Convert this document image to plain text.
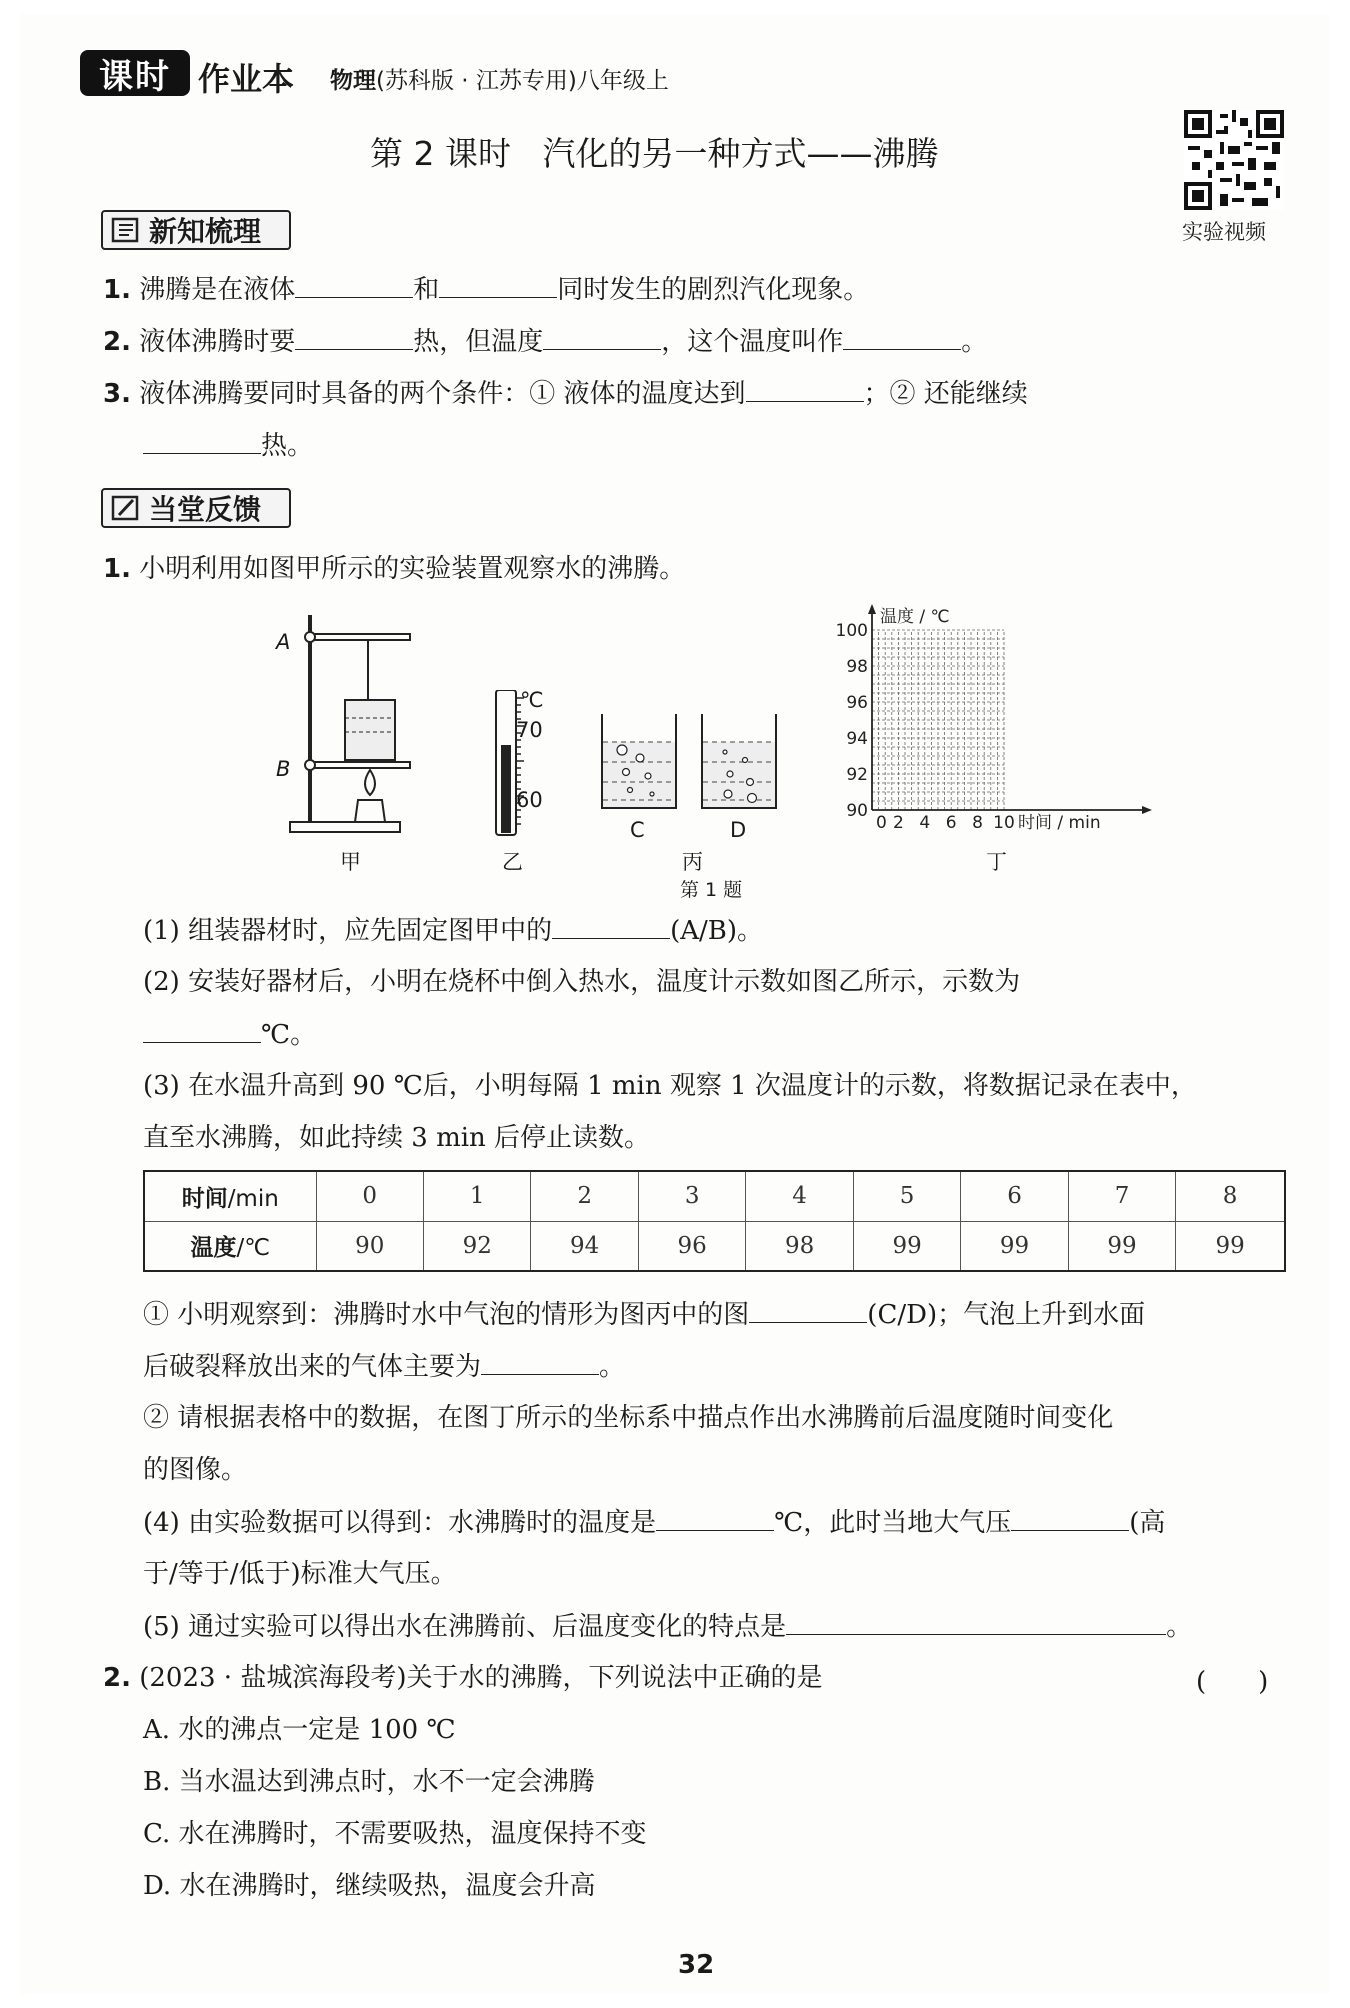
课时 作业本 物理(苏科版 · 江苏专用)八年级上
第 2 课时 汽化的另一种方式——沸腾
实验视频
新知梳理
1. 沸腾是在液体	和	同时发生的剧烈汽化现象。
2. 液体沸腾时要	热，但温度	，这个温度叫作	。
3. 液体沸腾要同时具备的两个条件：① 液体的温度达到	；② 还能继续
热。
当堂反馈
1. 小明利用如图甲所示的实验装置观察水的沸腾。
A
B
甲
℃
70
60
乙
C	D
丙
90
92
94
96
98
100
2 4 6 8 10
0
温度 / ℃
时间 / min
丁
第 1 题
(1) 组装器材时，应先固定图甲中的	(A/B)。
(2) 安装好器材后，小明在烧杯中倒入热水，温度计示数如图乙所示，示数为
℃。
(3) 在水温升高到 90 ℃后，小明每隔 1 min 观察 1 次温度计的示数，将数据记录在表中，
直至水沸腾，如此持续 3 min 后停止读数。
时间/min	0	1	2	3	4	5	6	7	8
温度/℃	90	92	94	96	98	99	99	99	99
① 小明观察到：沸腾时水中气泡的情形为图丙中的图	(C/D)；气泡上升到水面
后破裂释放出来的气体主要为	。
② 请根据表格中的数据，在图丁所示的坐标系中描点作出水沸腾前后温度随时间变化
的图像。
(4) 由实验数据可以得到：水沸腾时的温度是	℃，此时当地大气压	(高
于/等于/低于)标准大气压。
(5) 通过实验可以得出水在沸腾前、后温度变化的特点是	。
2. (2023 · 盐城滨海段考)关于水的沸腾，下列说法中正确的是	(　　)
A. 水的沸点一定是 100 ℃
B. 当水温达到沸点时，水不一定会沸腾
C. 水在沸腾时，不需要吸热，温度保持不变
D. 水在沸腾时，继续吸热，温度会升高
32
